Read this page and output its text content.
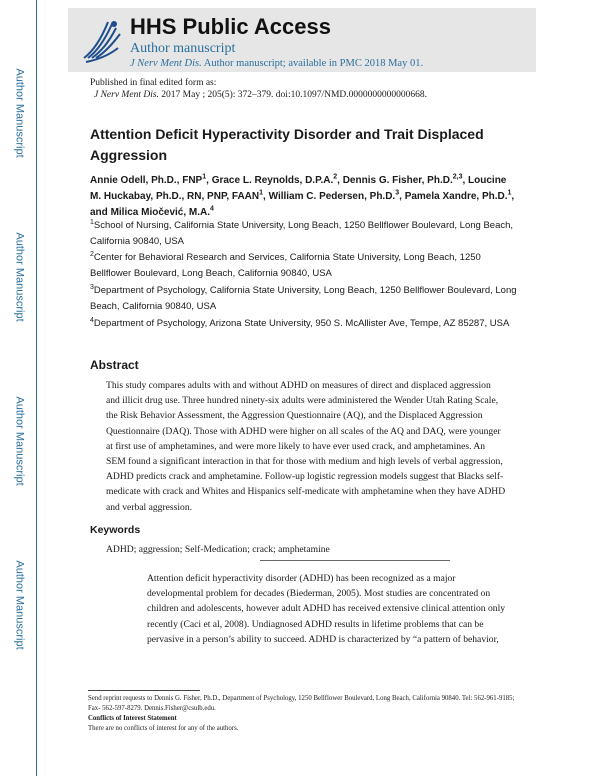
Author Manuscript
Author Manuscript
Author Manuscript
Author Manuscript
HHS Public Access
Author manuscript
J Nerv Ment Dis. Author manuscript; available in PMC 2018 May 01.
Published in final edited form as:
J Nerv Ment Dis. 2017 May ; 205(5): 372–379. doi:10.1097/NMD.0000000000000668.
Attention Deficit Hyperactivity Disorder and Trait Displaced Aggression
Annie Odell, Ph.D., FNP$^1$, Grace L. Reynolds, D.P.A.$^2$, Dennis G. Fisher, Ph.D.$^{2,3}$, Loucine M. Huckabay, Ph.D., RN, PNP, FAAN$^1$, William C. Pedersen, Ph.D.$^3$, Pamela Xandre, Ph.D.$^1$, and Milica Miočević, M.A.$^4$
$^1$School of Nursing, California State University, Long Beach, 1250 Bellflower Boulevard, Long Beach, California 90840, USA
$^2$Center for Behavioral Research and Services, California State University, Long Beach, 1250 Bellflower Boulevard, Long Beach, California 90840, USA
$^3$Department of Psychology, California State University, Long Beach, 1250 Bellflower Boulevard, Long Beach, California 90840, USA
$^4$Department of Psychology, Arizona State University, 950 S. McAllister Ave, Tempe, AZ 85287, USA
Abstract
This study compares adults with and without ADHD on measures of direct and displaced aggression and illicit drug use. Three hundred ninety-six adults were administered the Wender Utah Rating Scale, the Risk Behavior Assessment, the Aggression Questionnaire (AQ), and the Displaced Aggression Questionnaire (DAQ). Those with ADHD were higher on all scales of the AQ and DAQ, were younger at first use of amphetamines, and were more likely to have ever used crack, and amphetamines. An SEM found a significant interaction in that for those with medium and high levels of verbal aggression, ADHD predicts crack and amphetamine. Follow-up logistic regression models suggest that Blacks self-medicate with crack and Whites and Hispanics self-medicate with amphetamine when they have ADHD and verbal aggression.
Keywords
ADHD; aggression; Self-Medication; crack; amphetamine
Attention deficit hyperactivity disorder (ADHD) has been recognized as a major developmental problem for decades (Biederman, 2005). Most studies are concentrated on children and adolescents, however adult ADHD has received extensive clinical attention only recently (Caci et al, 2008). Undiagnosed ADHD results in lifetime problems that can be pervasive in a person’s ability to succeed. ADHD is characterized by “a pattern of behavior,
Send reprint requests to Dennis G. Fisher, Ph.D., Department of Psychology, 1250 Bellflower Boulevard, Long Beach, California 90840. Tel: 562-961-9185; Fax- 562-597-8279. Dennis.Fisher@csulb.edu.
Conflicts of Interest Statement
There are no conflicts of interest for any of the authors.
